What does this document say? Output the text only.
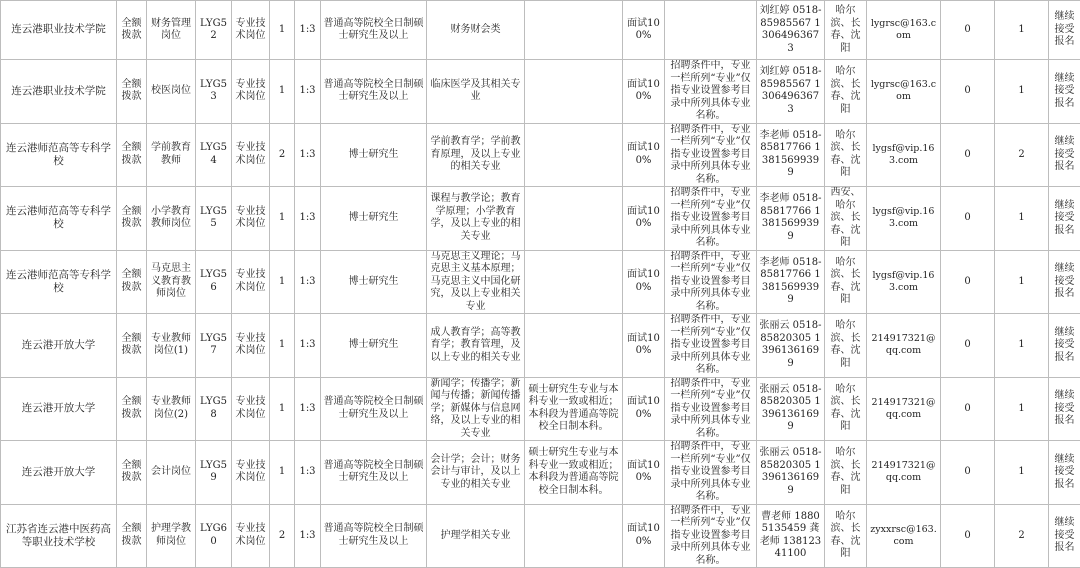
连云港职业技术学院	全额拨款	财务管理岗位	LYG52	专业技术岗位	1	1:3	普通高等院校全日制硕士研究生及以上	财务财会类		面试100%		刘红婷 0518-85985567 13064963673	哈尔滨、长春、沈阳	lygrsc@163.com	0	1	继续接受报名
连云港职业技术学院	全额拨款	校医岗位	LYG53	专业技术岗位	1	1:3	普通高等院校全日制硕士研究生及以上	临床医学及其相关专业		面试100%	招聘条件中，专业一栏所列“专业”仅指专业设置参考目录中所列具体专业名称。	刘红婷 0518-85985567 13064963673	哈尔滨、长春、沈阳	lygrsc@163.com	0	1	继续接受报名
连云港师范高等专科学校	全额拨款	学前教育教师	LYG54	专业技术岗位	2	1:3	博士研究生	学前教育学；学前教育原理，及以上专业的相关专业		面试100%	招聘条件中，专业一栏所列“专业”仅指专业设置参考目录中所列具体专业名称。	李老师 0518-85817766 13815699399	哈尔滨、长春、沈阳	lygsf@vip.163.com	0	2	继续接受报名
连云港师范高等专科学校	全额拨款	小学教育教师岗位	LYG55	专业技术岗位	1	1:3	博士研究生	课程与教学论；教育学原理；小学教育学，及以上专业的相关专业		面试100%	招聘条件中，专业一栏所列“专业”仅指专业设置参考目录中所列具体专业名称。	李老师 0518-85817766 13815699399	西安、哈尔滨、长春、沈阳	lygsf@vip.163.com	0	1	继续接受报名
连云港师范高等专科学校	全额拨款	马克思主义教育教师岗位	LYG56	专业技术岗位	1	1:3	博士研究生	马克思主义理论；马克思主义基本原理；马克思主义中国化研究，及以上专业相关专业		面试100%	招聘条件中，专业一栏所列“专业”仅指专业设置参考目录中所列具体专业名称。	李老师 0518-85817766 13815699399	哈尔滨、长春、沈阳	lygsf@vip.163.com	0	1	继续接受报名
连云港开放大学	全额拨款	专业教师岗位(1)	LYG57	专业技术岗位	1	1:3	博士研究生	成人教育学；高等教育学；教育管理，及以上专业的相关专业		面试100%	招聘条件中，专业一栏所列“专业”仅指专业设置参考目录中所列具体专业名称。	张丽云 0518-85820305 13961361699	哈尔滨、长春、沈阳	214917321@qq.com	0	1	继续接受报名
连云港开放大学	全额拨款	专业教师岗位(2)	LYG58	专业技术岗位	1	1:3	普通高等院校全日制硕士研究生及以上	新闻学；传播学；新闻与传播；新闻传播学；新媒体与信息网络，及以上专业的相关专业	硕士研究生专业与本科专业一致或相近；本科段为普通高等院校全日制本科。	面试100%	招聘条件中，专业一栏所列“专业”仅指专业设置参考目录中所列具体专业名称。	张丽云 0518-85820305 13961361699	哈尔滨、长春、沈阳	214917321@qq.com	0	1	继续接受报名
连云港开放大学	全额拨款	会计岗位	LYG59	专业技术岗位	1	1:3	普通高等院校全日制硕士研究生及以上	会计学；会计；财务会计与审计，及以上专业的相关专业	硕士研究生专业与本科专业一致或相近；本科段为普通高等院校全日制本科。	面试100%	招聘条件中，专业一栏所列“专业”仅指专业设置参考目录中所列具体专业名称。	张丽云 0518-85820305 13961361699	哈尔滨、长春、沈阳	214917321@qq.com	0	1	继续接受报名
江苏省连云港中医药高等职业技术学校	全额拨款	护理学教师岗位	LYG60	专业技术岗位	2	1:3	普通高等院校全日制硕士研究生及以上	护理学相关专业		面试100%	招聘条件中，专业一栏所列“专业”仅指专业设置参考目录中所列具体专业名称。	曹老师 18805135459 龚老师 13812341100	哈尔滨、长春、沈阳	zyxxrsc@163.com	0	2	继续接受报名
